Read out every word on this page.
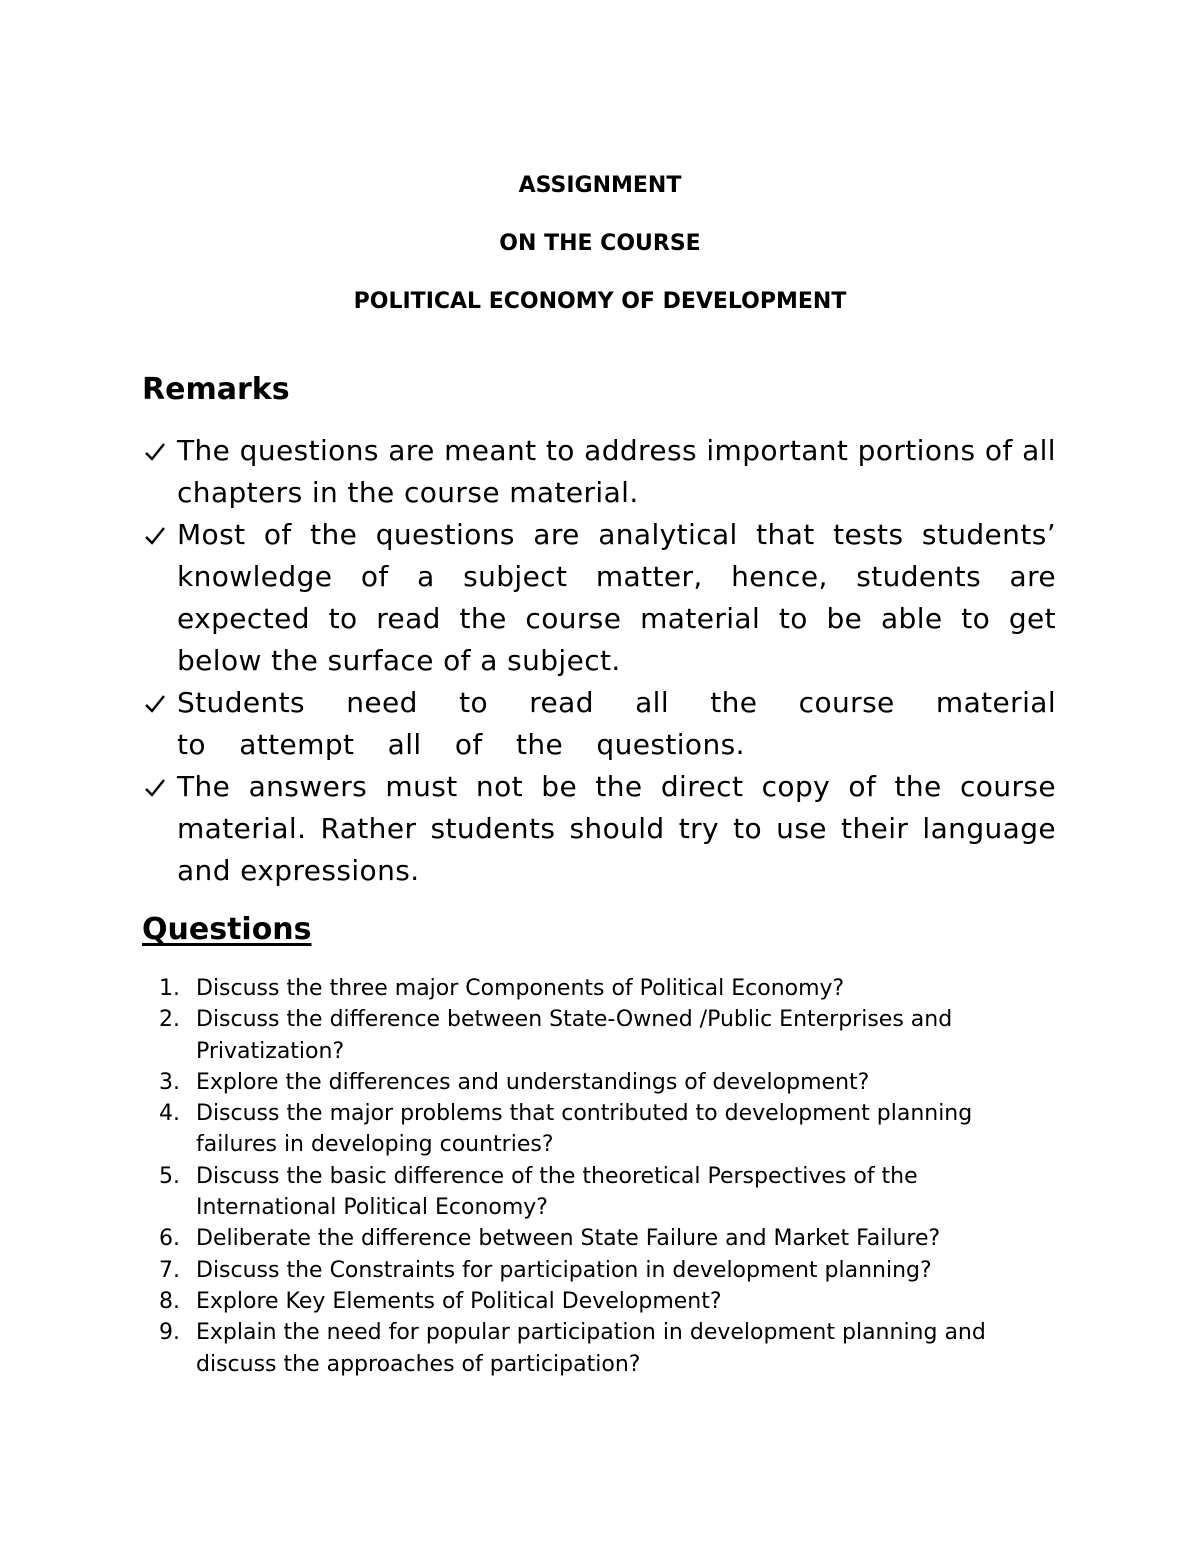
ASSIGNMENT
ON THE COURSE
POLITICAL ECONOMY OF DEVELOPMENT
Remarks
The questions are meant to address important portions of all chapters in the course material.
Most of the questions are analytical that tests students’ knowledge of a subject matter, hence, students are expected to read the course material to be able to get below the surface of a subject.
Students need to read all the course material to attempt all of the questions.
The answers must not be the direct copy of the course material. Rather students should try to use their language and expressions.
Questions
1. Discuss the three major Components of Political Economy?
2. Discuss the difference between State-Owned /Public Enterprises and Privatization?
3. Explore the differences and understandings of development?
4. Discuss the major problems that contributed to development planning failures in developing countries?
5. Discuss the basic difference of the theoretical Perspectives of the International Political Economy?
6. Deliberate the difference between State Failure and Market Failure?
7. Discuss the Constraints for participation in development planning?
8. Explore Key Elements of Political Development?
9. Explain the need for popular participation in development planning and discuss the approaches of participation?
